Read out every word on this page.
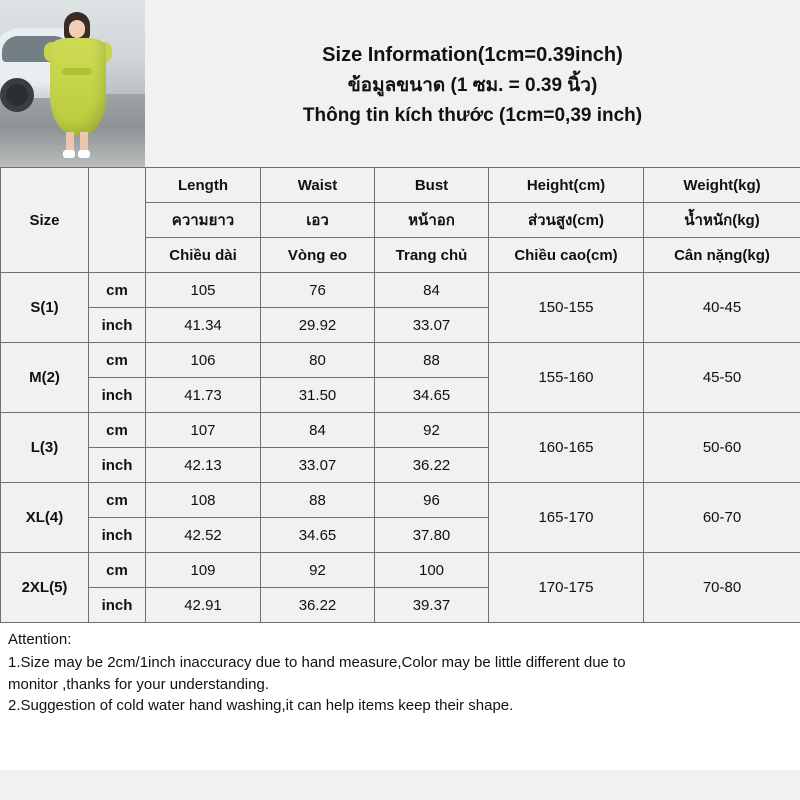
Size Information(1cm=0.39inch)
ข้อมูลขนาด (1 ซม. = 0.39 นิ้ว)
Thông tin kích thước (1cm=0,39 inch)
Size		Length	Waist	Bust	Height(cm)	Weight(kg)
		ความยาว	เอว	หน้าอก	ส่วนสูง(cm)	น้ำหนัก(kg)
		Chiều dài	Vòng eo	Trang chủ	Chiều cao(cm)	Cân nặng(kg)
S(1)	cm	105	76	84	150-155	40-45
	inch	41.34	29.92	33.07		
M(2)	cm	106	80	88	155-160	45-50
	inch	41.73	31.50	34.65		
L(3)	cm	107	84	92	160-165	50-60
	inch	42.13	33.07	36.22		
XL(4)	cm	108	88	96	165-170	60-70
	inch	42.52	34.65	37.80		
2XL(5)	cm	109	92	100	170-175	70-80
	inch	42.91	36.22	39.37		
Attention:
1.Size may be 2cm/1inch inaccuracy due to hand measure,Color may be little different due to
monitor ,thanks for your understanding.
2.Suggestion of cold water hand washing,it can help items keep their shape.
